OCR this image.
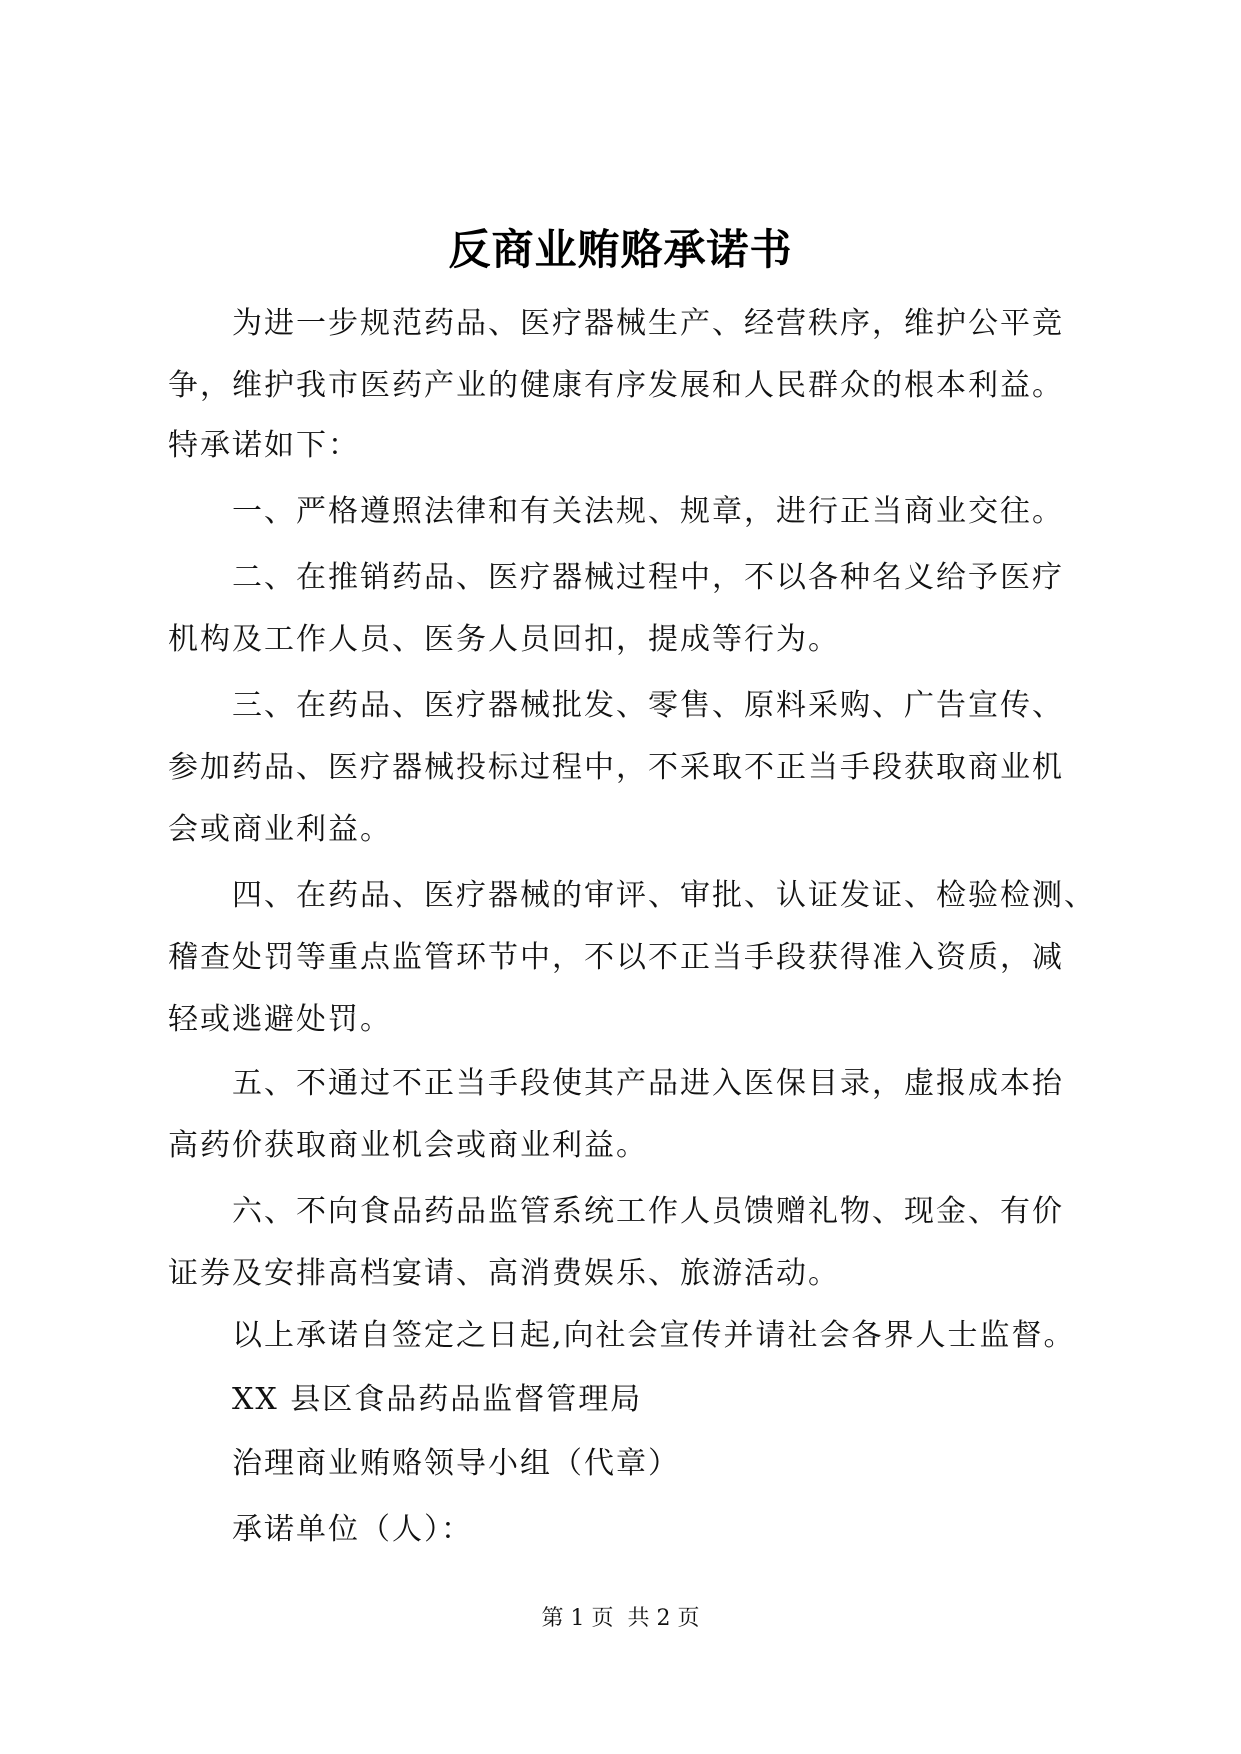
反商业贿赂承诺书
为进一步规范药品、医疗器械生产、经营秩序，维护公平竞
争，维护我市医药产业的健康有序发展和人民群众的根本利益。
特承诺如下：
一、严格遵照法律和有关法规、规章，进行正当商业交往。
二、在推销药品、医疗器械过程中，不以各种名义给予医疗
机构及工作人员、医务人员回扣，提成等行为。
三、在药品、医疗器械批发、零售、原料采购、广告宣传、
参加药品、医疗器械投标过程中，不采取不正当手段获取商业机
会或商业利益。
四、在药品、医疗器械的审评、审批、认证发证、检验检测、
稽查处罚等重点监管环节中，不以不正当手段获得准入资质，减
轻或逃避处罚。
五、不通过不正当手段使其产品进入医保目录，虚报成本抬
高药价获取商业机会或商业利益。
六、不向食品药品监管系统工作人员馈赠礼物、现金、有价
证券及安排高档宴请、高消费娱乐、旅游活动。
以上承诺自签定之日起,向社会宣传并请社会各界人士监督。
XX 县区食品药品监督管理局
治理商业贿赂领导小组（代章）
承诺单位（人）：
第 1 页  共 2 页
